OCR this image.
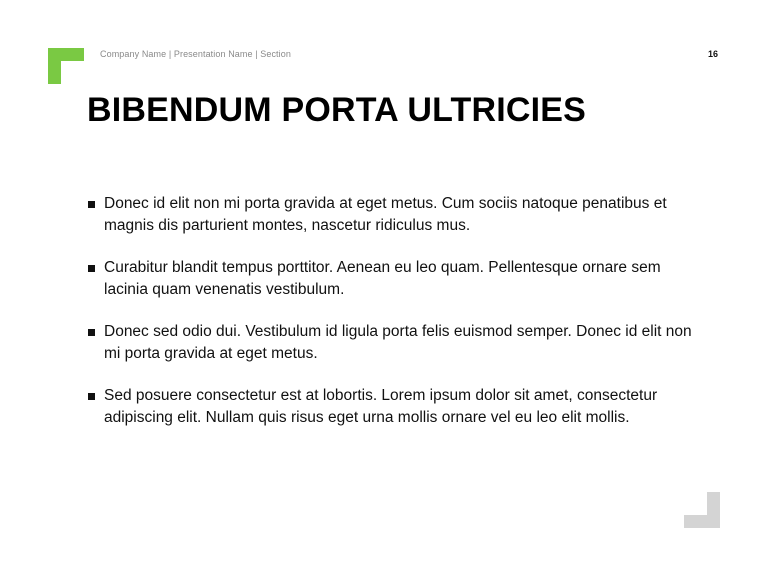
Company Name | Presentation Name | Section	16
BIBENDUM PORTA ULTRICIES
Donec id elit non mi porta gravida at eget metus. Cum sociis natoque penatibus et magnis dis parturient montes, nascetur ridiculus mus.
Curabitur blandit tempus porttitor. Aenean eu leo quam. Pellentesque ornare sem lacinia quam venenatis vestibulum.
Donec sed odio dui. Vestibulum id ligula porta felis euismod semper. Donec id elit non mi porta gravida at eget metus.
Sed posuere consectetur est at lobortis. Lorem ipsum dolor sit amet, consectetur adipiscing elit. Nullam quis risus eget urna mollis ornare vel eu leo elit mollis.
